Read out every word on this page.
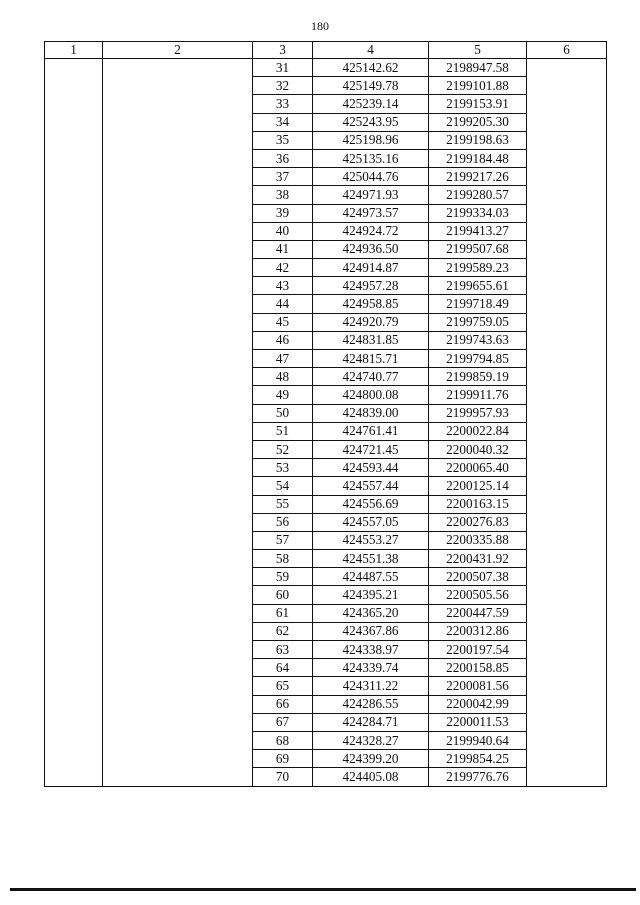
180
1	2	3	4	5	6
		31	425142.62	2198947.58	
		32	425149.78	2199101.88	
		33	425239.14	2199153.91	
		34	425243.95	2199205.30	
		35	425198.96	2199198.63	
		36	425135.16	2199184.48	
		37	425044.76	2199217.26	
		38	424971.93	2199280.57	
		39	424973.57	2199334.03	
		40	424924.72	2199413.27	
		41	424936.50	2199507.68	
		42	424914.87	2199589.23	
		43	424957.28	2199655.61	
		44	424958.85	2199718.49	
		45	424920.79	2199759.05	
		46	424831.85	2199743.63	
		47	424815.71	2199794.85	
		48	424740.77	2199859.19	
		49	424800.08	2199911.76	
		50	424839.00	2199957.93	
		51	424761.41	2200022.84	
		52	424721.45	2200040.32	
		53	424593.44	2200065.40	
		54	424557.44	2200125.14	
		55	424556.69	2200163.15	
		56	424557.05	2200276.83	
		57	424553.27	2200335.88	
		58	424551.38	2200431.92	
		59	424487.55	2200507.38	
		60	424395.21	2200505.56	
		61	424365.20	2200447.59	
		62	424367.86	2200312.86	
		63	424338.97	2200197.54	
		64	424339.74	2200158.85	
		65	424311.22	2200081.56	
		66	424286.55	2200042.99	
		67	424284.71	2200011.53	
		68	424328.27	2199940.64	
		69	424399.20	2199854.25	
		70	424405.08	2199776.76	
